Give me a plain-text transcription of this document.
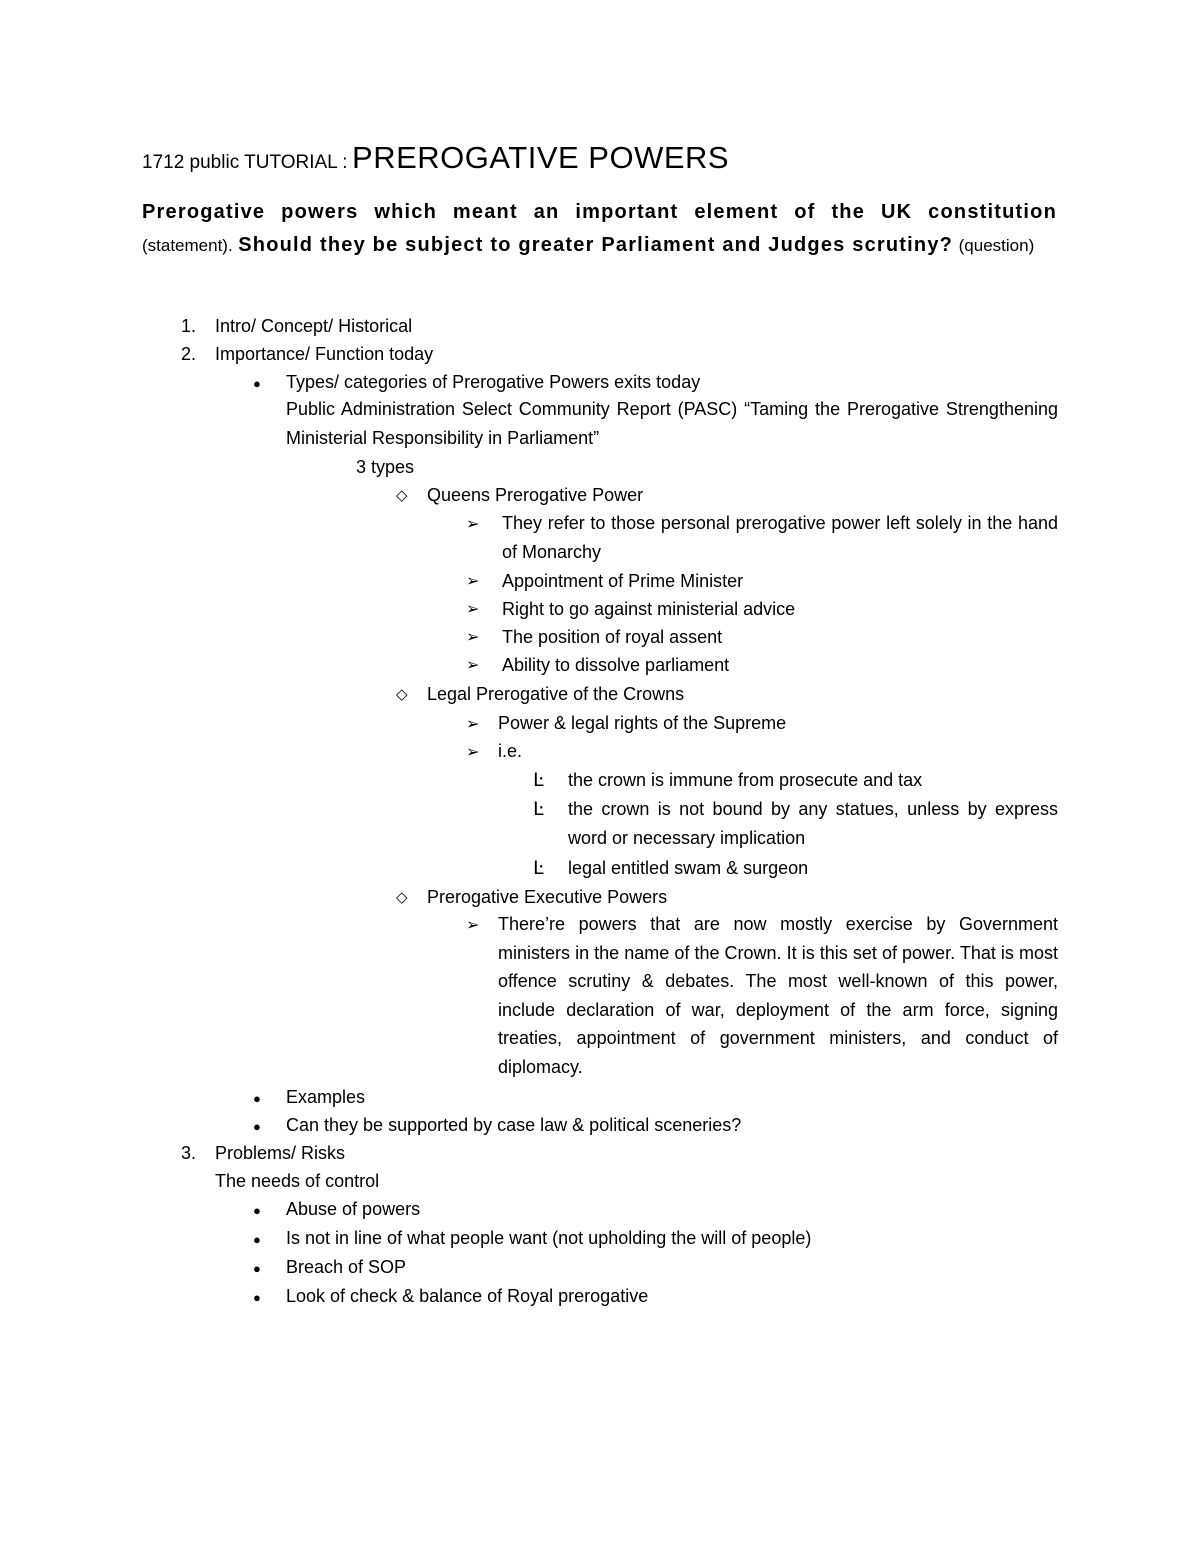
1712 public TUTORIAL : PREROGATIVE POWERS
Prerogative powers which meant an important element of the UK constitution (statement). Should they be subject to greater Parliament and Judges scrutiny? (question)
1. Intro/ Concept/ Historical
2. Importance/ Function today
● Types/ categories of Prerogative Powers exits today
Public Administration Select Community Report (PASC) “Taming the Prerogative Strengthening Ministerial Responsibility in Parliament”
3 types
◇ Queens Prerogative Power
➢ They refer to those personal prerogative power left solely in the hand of Monarchy
➢ Appointment of Prime Minister
➢ Right to go against ministerial advice
➢ The position of royal assent
➢ Ability to dissolve parliament
◇ Legal Prerogative of the Crowns
➢ Power & legal rights of the Supreme
➢ i.e.
Ŀ the crown is immune from prosecute and tax
Ŀ the crown is not bound by any statues, unless by express word or necessary implication
Ŀ legal entitled swam & surgeon
◇ Prerogative Executive Powers
➢ There’re powers that are now mostly exercise by Government ministers in the name of the Crown. It is this set of power. That is most offence scrutiny & debates. The most well-known of this power, include declaration of war, deployment of the arm force, signing treaties, appointment of government ministers, and conduct of diplomacy.
● Examples
● Can they be supported by case law & political sceneries?
3. Problems/ Risks
The needs of control
● Abuse of powers
● Is not in line of what people want (not upholding the will of people)
● Breach of SOP
● Look of check & balance of Royal prerogative
